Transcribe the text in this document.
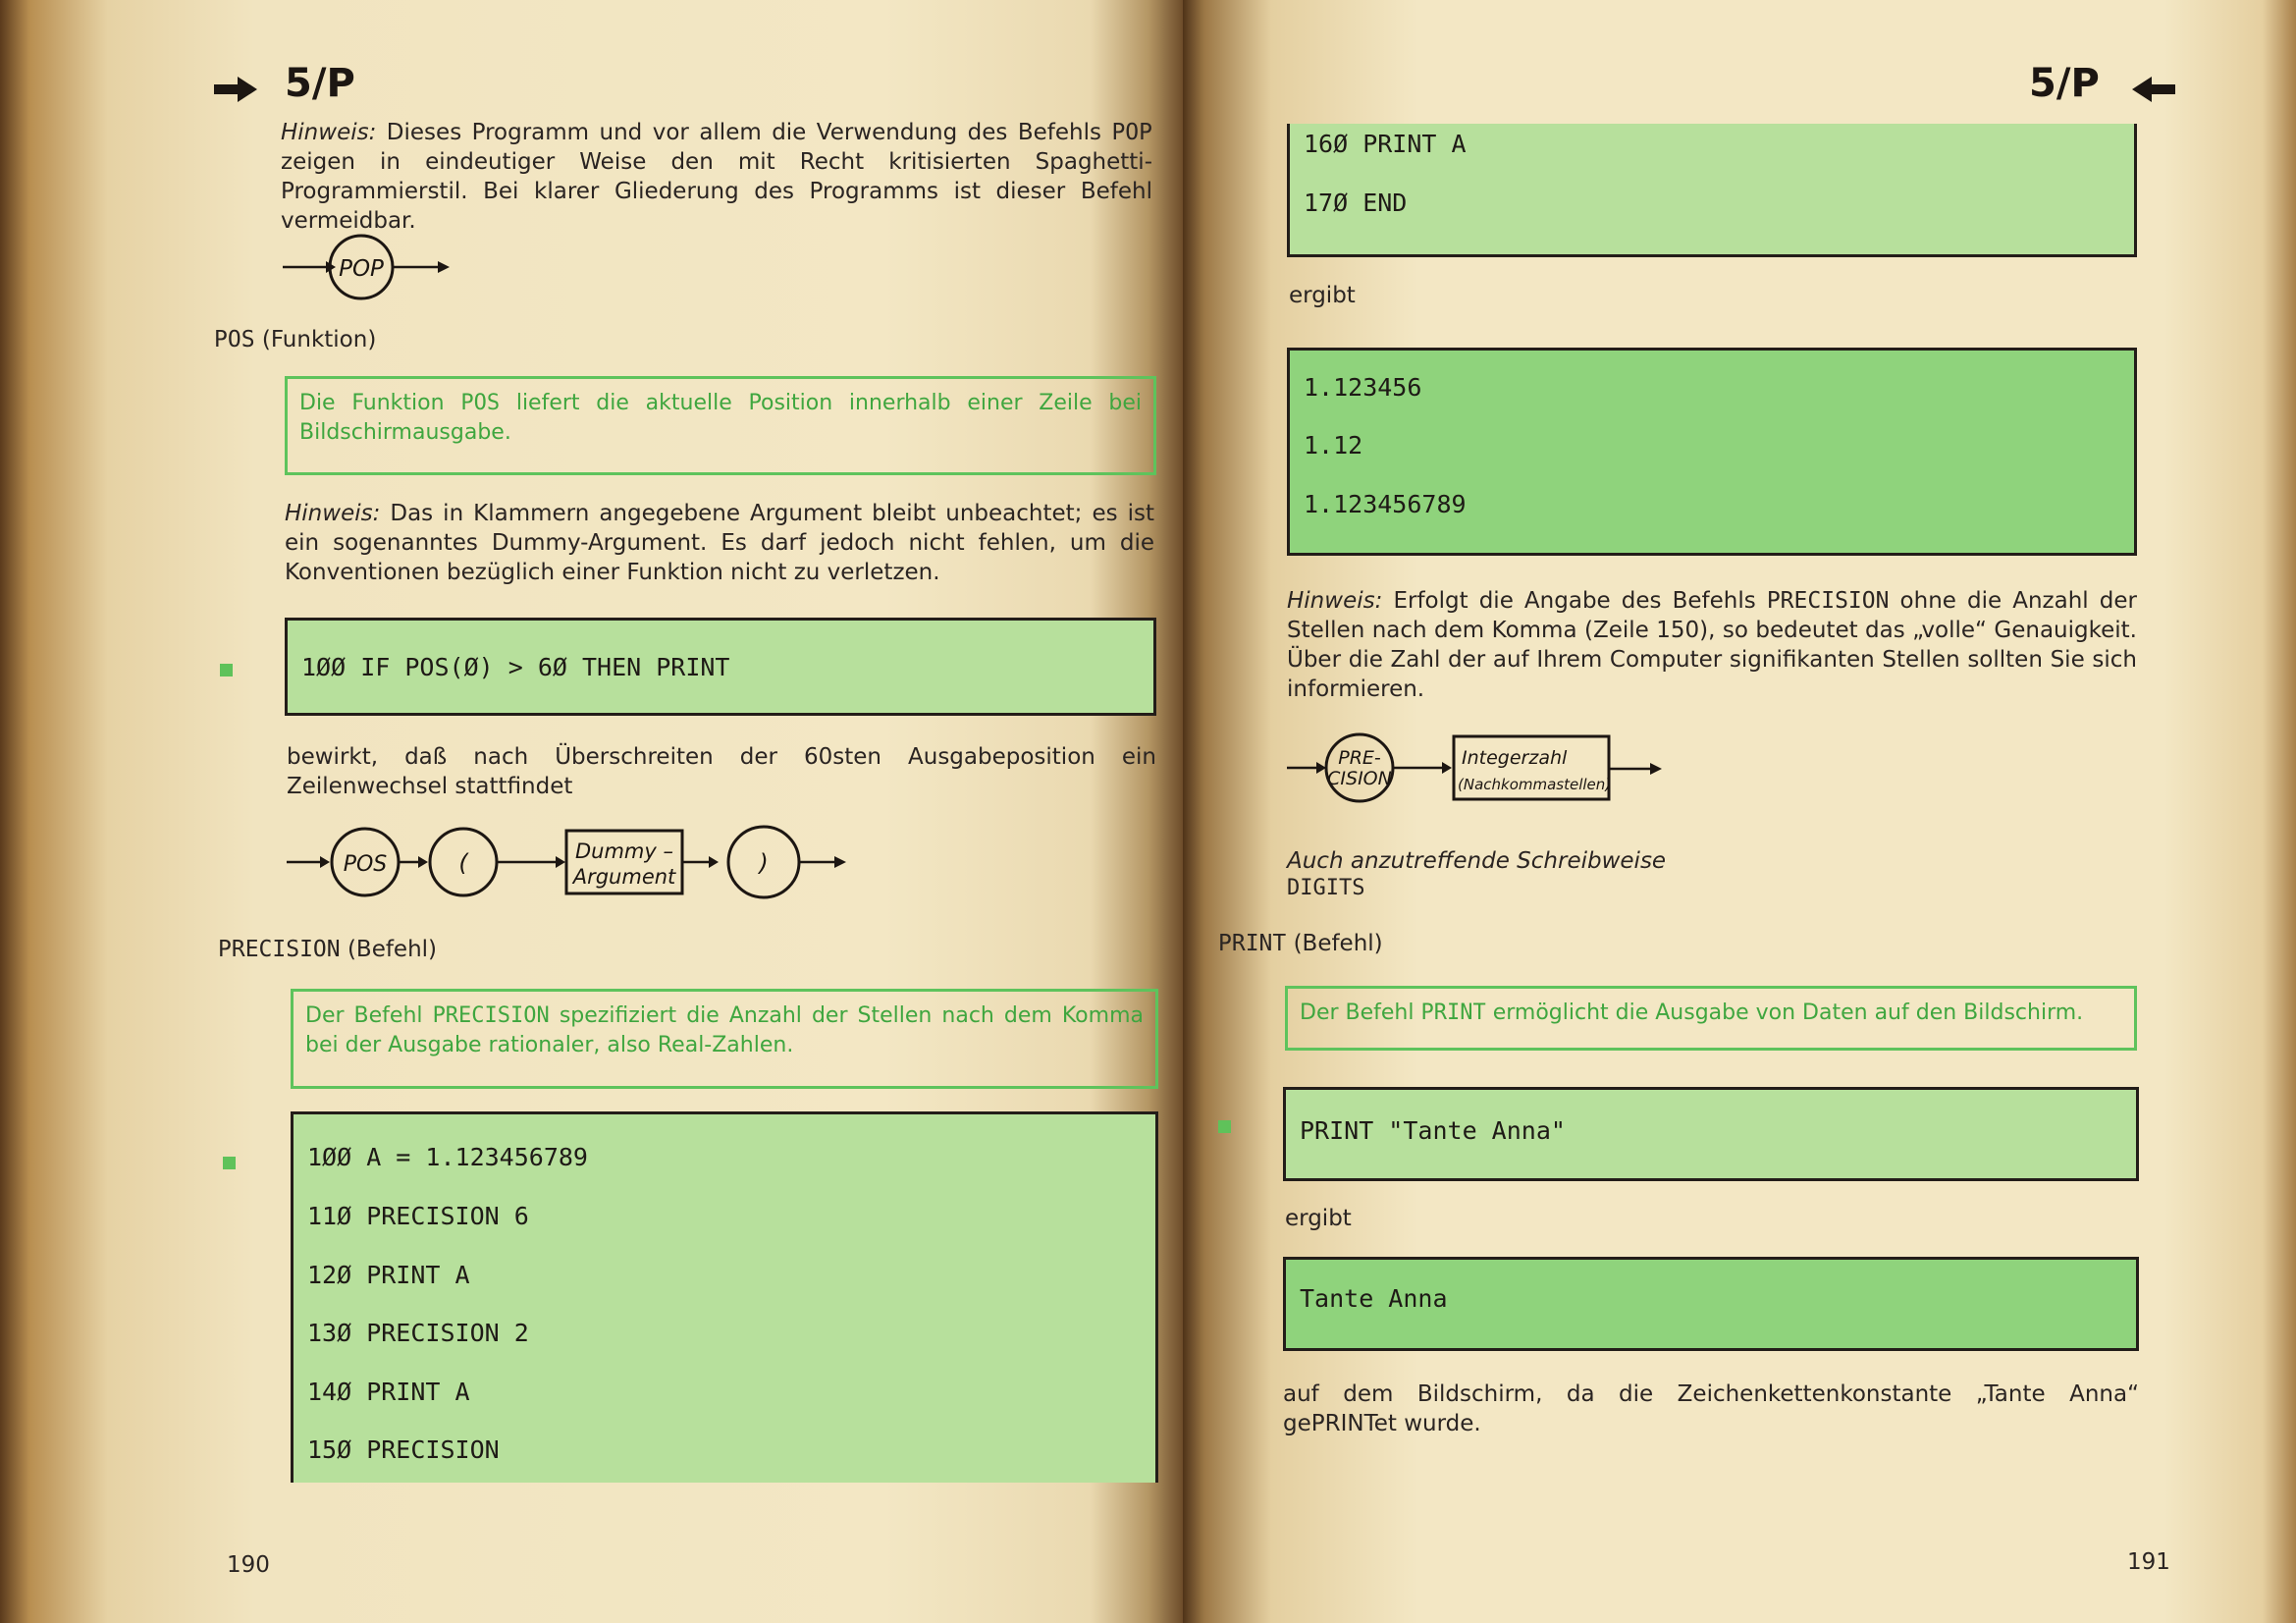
5/P
Hinweis: Dieses Programm und vor allem die Verwendung des Befehls POP zeigen in eindeutiger Weise den mit Recht kritisierten Spaghetti-Programmierstil. Bei klarer Gliederung des Programms ist dieser Befehl vermeidbar.
POP
POS (Funktion)
Die Funktion POS liefert die aktuelle Position innerhalb einer Zeile bei Bildschirmausgabe.
Hinweis: Das in Klammern angegebene Argument bleibt unbeachtet; es ist ein sogenanntes Dummy-Argument. Es darf jedoch nicht fehlen, um die Konventionen bezüglich einer Funktion nicht zu verletzen.
1ØØ IF POS(Ø) > 6Ø THEN PRINT
bewirkt, daß nach Überschreiten der 60sten Ausgabeposition ein Zeilenwechsel stattfindet
POS	(	Dummy –
Argument	)
PRECISION (Befehl)
Der Befehl PRECISION spezifiziert die Anzahl der Stellen nach dem Komma bei der Ausgabe rationaler, also Real-Zahlen.
1ØØ A = 1.123456789
11Ø PRECISION 6
12Ø PRINT A
13Ø PRECISION 2
14Ø PRINT A
15Ø PRECISION
190
5/P
16Ø PRINT A
17Ø END
ergibt
1.123456
1.12
1.123456789
Hinweis: Erfolgt die Angabe des Befehls PRECISION ohne die Anzahl der Stellen nach dem Komma (Zeile 150), so bedeutet das „volle“ Genauigkeit. Über die Zahl der auf Ihrem Computer signifikanten Stellen sollten Sie sich informieren.
PRE-
CISION
Integerzahl
(Nachkommastellen)
Auch anzutreffende Schreibweise
DIGITS
PRINT (Befehl)
Der Befehl PRINT ermöglicht die Ausgabe von Daten auf den Bildschirm.
PRINT "Tante Anna"
ergibt
Tante Anna
auf dem Bildschirm, da die Zeichenkettenkonstante „Tante Anna“ gePRINTet wurde.
191
